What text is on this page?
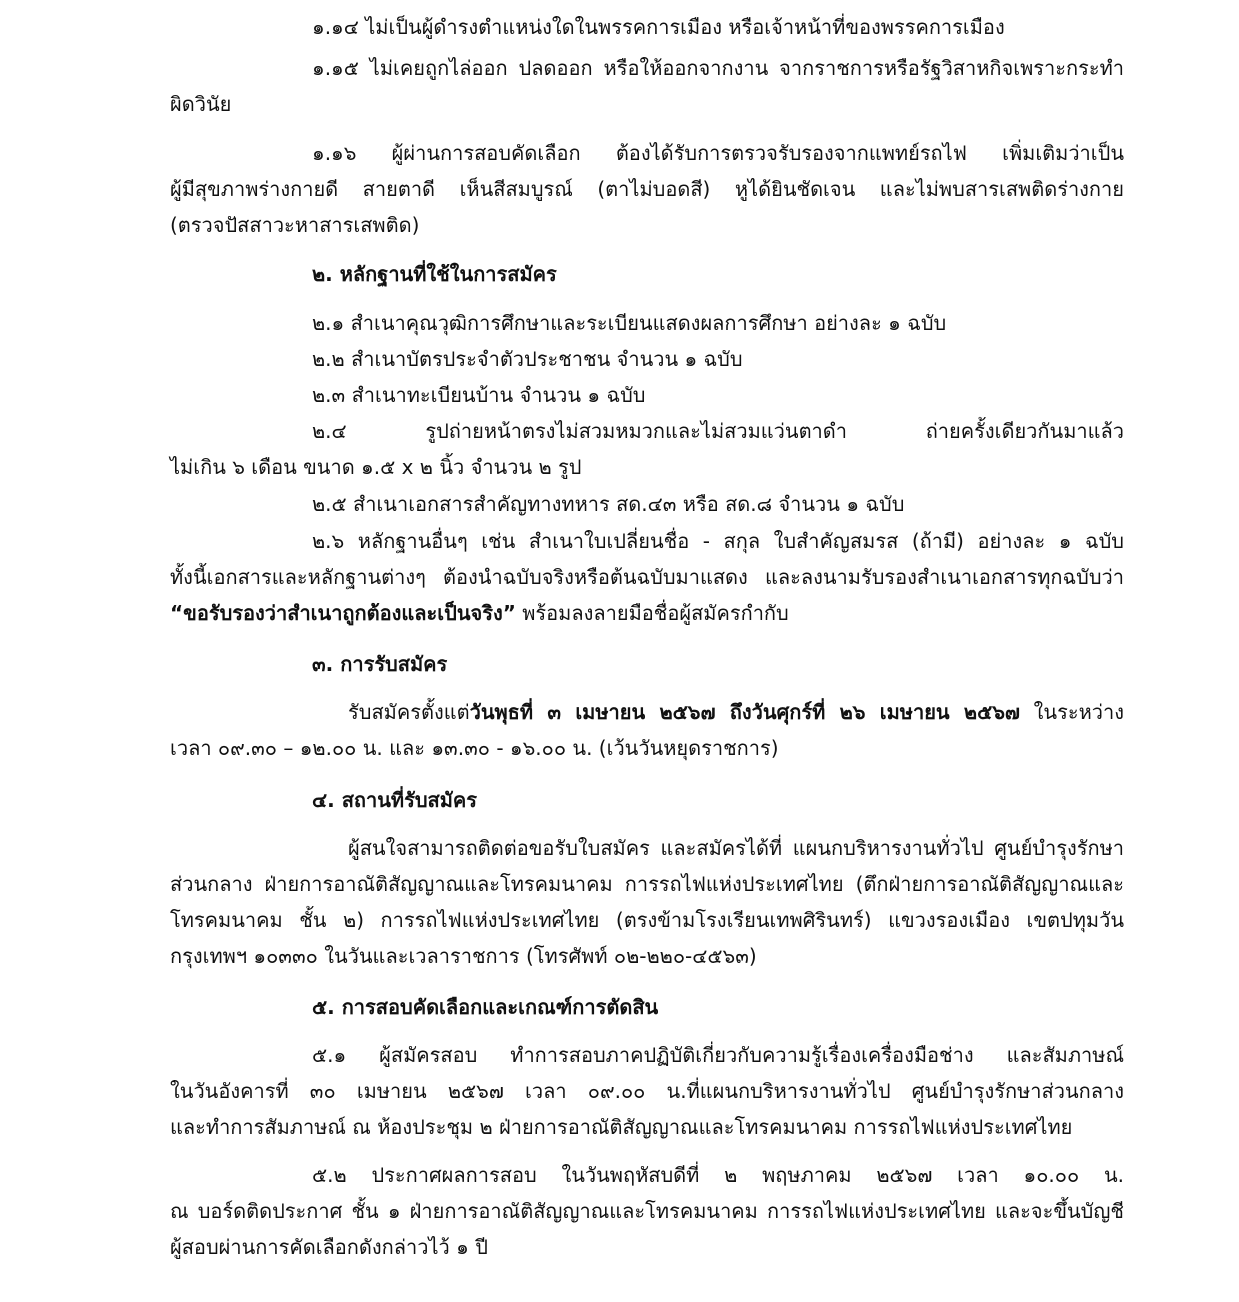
๑.๑๔ ไม่เป็นผู้ดำรงตำแหน่งใดในพรรคการเมือง หรือเจ้าหน้าที่ของพรรคการเมือง

๑.๑๕ ไม่เคยถูกไล่ออก ปลดออก หรือให้ออกจากงาน จากราชการหรือรัฐวิสาหกิจเพราะกระทำ
ผิดวินัย

๑.๑๖ ผู้ผ่านการสอบคัดเลือก ต้องได้รับการตรวจรับรองจากแพทย์รถไฟ เพิ่มเติมว่าเป็น
ผู้มีสุขภาพร่างกายดี สายตาดี เห็นสีสมบูรณ์ (ตาไม่บอดสี) หูได้ยินชัดเจน และไม่พบสารเสพติดร่างกาย
(ตรวจปัสสาวะหาสารเสพติด)

๒. หลักฐานที่ใช้ในการสมัคร

๒.๑ สำเนาคุณวุฒิการศึกษาและระเบียนแสดงผลการศึกษา อย่างละ ๑ ฉบับ

๒.๒ สำเนาบัตรประจำตัวประชาชน จำนวน ๑ ฉบับ

๒.๓ สำเนาทะเบียนบ้าน จำนวน ๑ ฉบับ

๒.๔ รูปถ่ายหน้าตรงไม่สวมหมวกและไม่สวมแว่นตาดำ ถ่ายครั้งเดียวกันมาแล้ว
ไม่เกิน ๖ เดือน ขนาด ๑.๕ x ๒ นิ้ว จำนวน ๒ รูป

๒.๕ สำเนาเอกสารสำคัญทางทหาร สด.๔๓ หรือ สด.๘ จำนวน ๑ ฉบับ

๒.๖ หลักฐานอื่นๆ เช่น สำเนาใบเปลี่ยนชื่อ - สกุล ใบสำคัญสมรส (ถ้ามี) อย่างละ ๑ ฉบับ
ทั้งนี้เอกสารและหลักฐานต่างๆ ต้องนำฉบับจริงหรือต้นฉบับมาแสดง และลงนามรับรองสำเนาเอกสารทุกฉบับว่า
“ขอรับรองว่าสำเนาถูกต้องและเป็นจริง” พร้อมลงลายมือชื่อผู้สมัครกำกับ

๓. การรับสมัคร

รับสมัครตั้งแต่วันพุธที่ ๓ เมษายน ๒๕๖๗ ถึงวันศุกร์ที่ ๒๖ เมษายน ๒๕๖๗ ในระหว่าง
เวลา ๐๙.๓๐ – ๑๒.๐๐ น. และ ๑๓.๓๐ - ๑๖.๐๐ น. (เว้นวันหยุดราชการ)

๔. สถานที่รับสมัคร

ผู้สนใจสามารถติดต่อขอรับใบสมัคร และสมัครได้ที่ แผนกบริหารงานทั่วไป ศูนย์บำรุงรักษา
ส่วนกลาง ฝ่ายการอาณัติสัญญาณและโทรคมนาคม การรถไฟแห่งประเทศไทย (ตึกฝ่ายการอาณัติสัญญาณและ
โทรคมนาคม ชั้น ๒) การรถไฟแห่งประเทศไทย (ตรงข้ามโรงเรียนเทพศิรินทร์) แขวงรองเมือง เขตปทุมวัน
กรุงเทพฯ ๑๐๓๓๐ ในวันและเวลาราชการ (โทรศัพท์ ๐๒-๒๒๐-๔๕๖๓)

๕. การสอบคัดเลือกและเกณฑ์การตัดสิน

๕.๑ ผู้สมัครสอบ ทำการสอบภาคปฏิบัติเกี่ยวกับความรู้เรื่องเครื่องมือช่าง และสัมภาษณ์
ในวันอังคารที่ ๓๐ เมษายน ๒๕๖๗ เวลา ๐๙.๐๐ น.ที่แผนกบริหารงานทั่วไป ศูนย์บำรุงรักษาส่วนกลาง
และทำการสัมภาษณ์ ณ ห้องประชุม ๒ ฝ่ายการอาณัติสัญญาณและโทรคมนาคม การรถไฟแห่งประเทศไทย

๕.๒ ประกาศผลการสอบ ในวันพฤหัสบดีที่ ๒ พฤษภาคม ๒๕๖๗ เวลา ๑๐.๐๐ น.
ณ บอร์ดติดประกาศ ชั้น ๑ ฝ่ายการอาณัติสัญญาณและโทรคมนาคม การรถไฟแห่งประเทศไทย และจะขึ้นบัญชี
ผู้สอบผ่านการคัดเลือกดังกล่าวไว้ ๑ ปี
